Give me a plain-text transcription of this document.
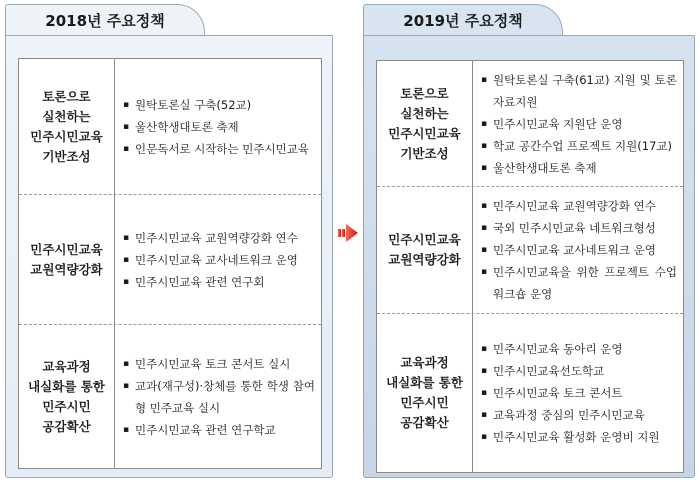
2018년 주요정책
토론으로
실천하는
민주시민교육
기반조성
▪ 원탁토론실 구축(52교)
▪ 울산학생대토론 축제
▪ 인문독서로 시작하는 민주시민교육
민주시민교육
교원역량강화
▪ 민주시민교육 교원역량강화 연수
▪ 민주시민교육 교사네트워크 운영
▪ 민주시민교육 관련 연구회
교육과정
내실화를 통한
민주시민
공감확산
▪ 민주시민교육 토크 콘서트 실시
▪ 교과(재구성)·창체를 통한 학생 참여형 민주교육 실시
▪ 민주시민교육 관련 연구학교
2019년 주요정책
토론으로
실천하는
민주시민교육
기반조성
▪ 원탁토론실 구축(61교) 지원 및 토론자료지원
▪ 민주시민교육 지원단 운영
▪ 학교 공간수업 프로젝트 지원(17교)
▪ 울산학생대토론 축제
민주시민교육
교원역량강화
▪ 민주시민교육 교원역량강화 연수
▪ 국외 민주시민교육 네트워크형성
▪ 민주시민교육 교사네트워크 운영
▪ 민주시민교육을 위한 프로젝트 수업 워크숍 운영
교육과정
내실화를 통한
민주시민
공감확산
▪ 민주시민교육 동아리 운영
▪ 민주시민교육선도학교
▪ 민주시민교육 토크 콘서트
▪ 교육과정 중심의 민주시민교육
▪ 민주시민교육 활성화 운영비 지원
